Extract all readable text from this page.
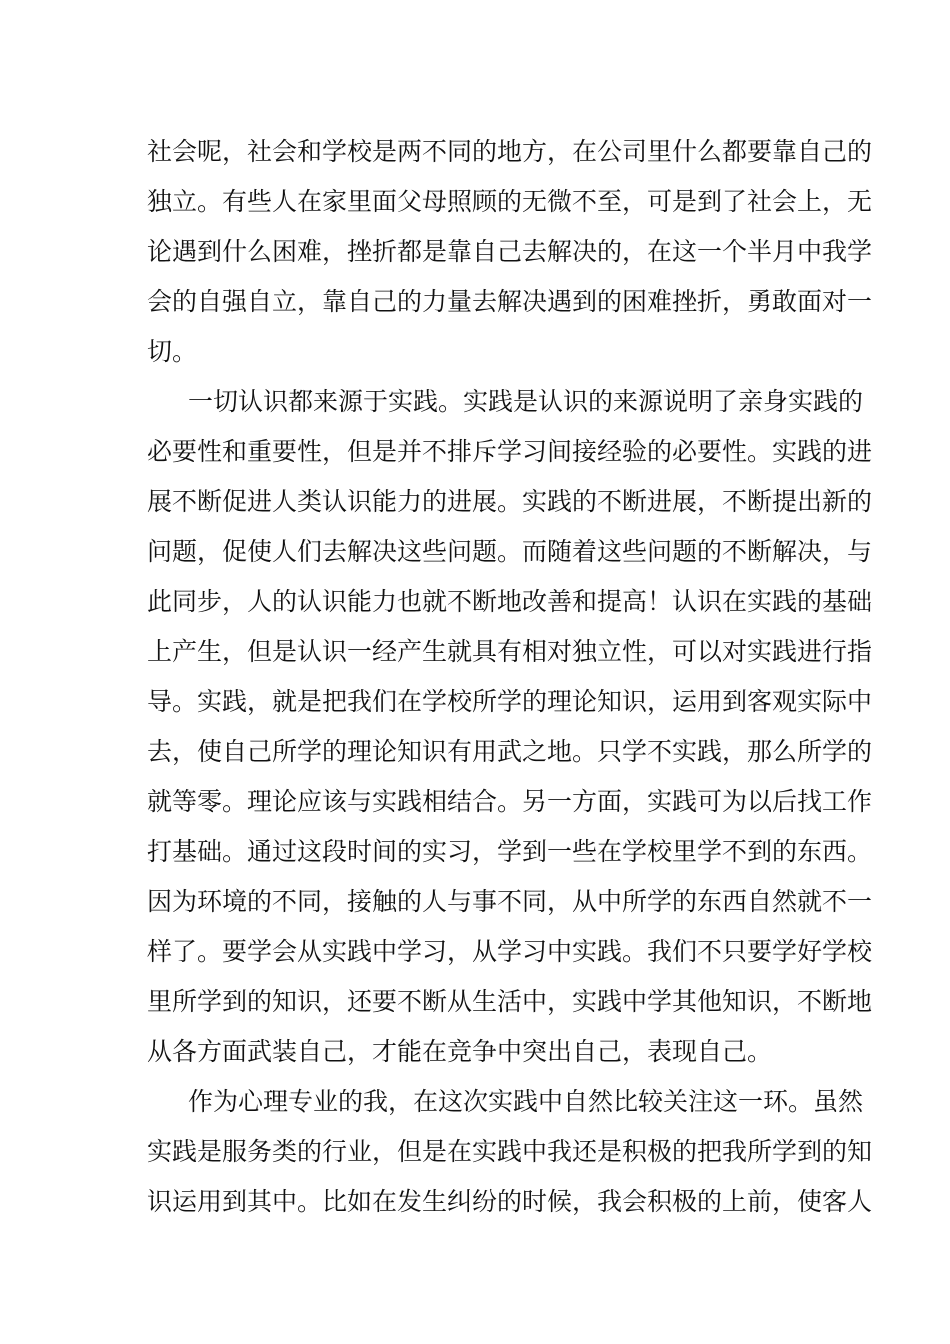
社会呢，社会和学校是两不同的地方，在公司里什么都要靠自己的
独立。有些人在家里面父母照顾的无微不至，可是到了社会上，无
论遇到什么困难，挫折都是靠自己去解决的，在这一个半月中我学
会的自强自立，靠自己的力量去解决遇到的困难挫折，勇敢面对一
切。
一切认识都来源于实践。实践是认识的来源说明了亲身实践的
必要性和重要性，但是并不排斥学习间接经验的必要性。实践的进
展不断促进人类认识能力的进展。实践的不断进展，不断提出新的
问题，促使人们去解决这些问题。而随着这些问题的不断解决，与
此同步，人的认识能力也就不断地改善和提高！认识在实践的基础
上产生，但是认识一经产生就具有相对独立性，可以对实践进行指
导。实践，就是把我们在学校所学的理论知识，运用到客观实际中
去，使自己所学的理论知识有用武之地。只学不实践，那么所学的
就等零。理论应该与实践相结合。另一方面，实践可为以后找工作
打基础。通过这段时间的实习，学到一些在学校里学不到的东西。
因为环境的不同，接触的人与事不同，从中所学的东西自然就不一
样了。要学会从实践中学习，从学习中实践。我们不只要学好学校
里所学到的知识，还要不断从生活中，实践中学其他知识，不断地
从各方面武装自己，才能在竞争中突出自己，表现自己。
作为心理专业的我，在这次实践中自然比较关注这一环。虽然
实践是服务类的行业，但是在实践中我还是积极的把我所学到的知
识运用到其中。比如在发生纠纷的时候，我会积极的上前，使客人
